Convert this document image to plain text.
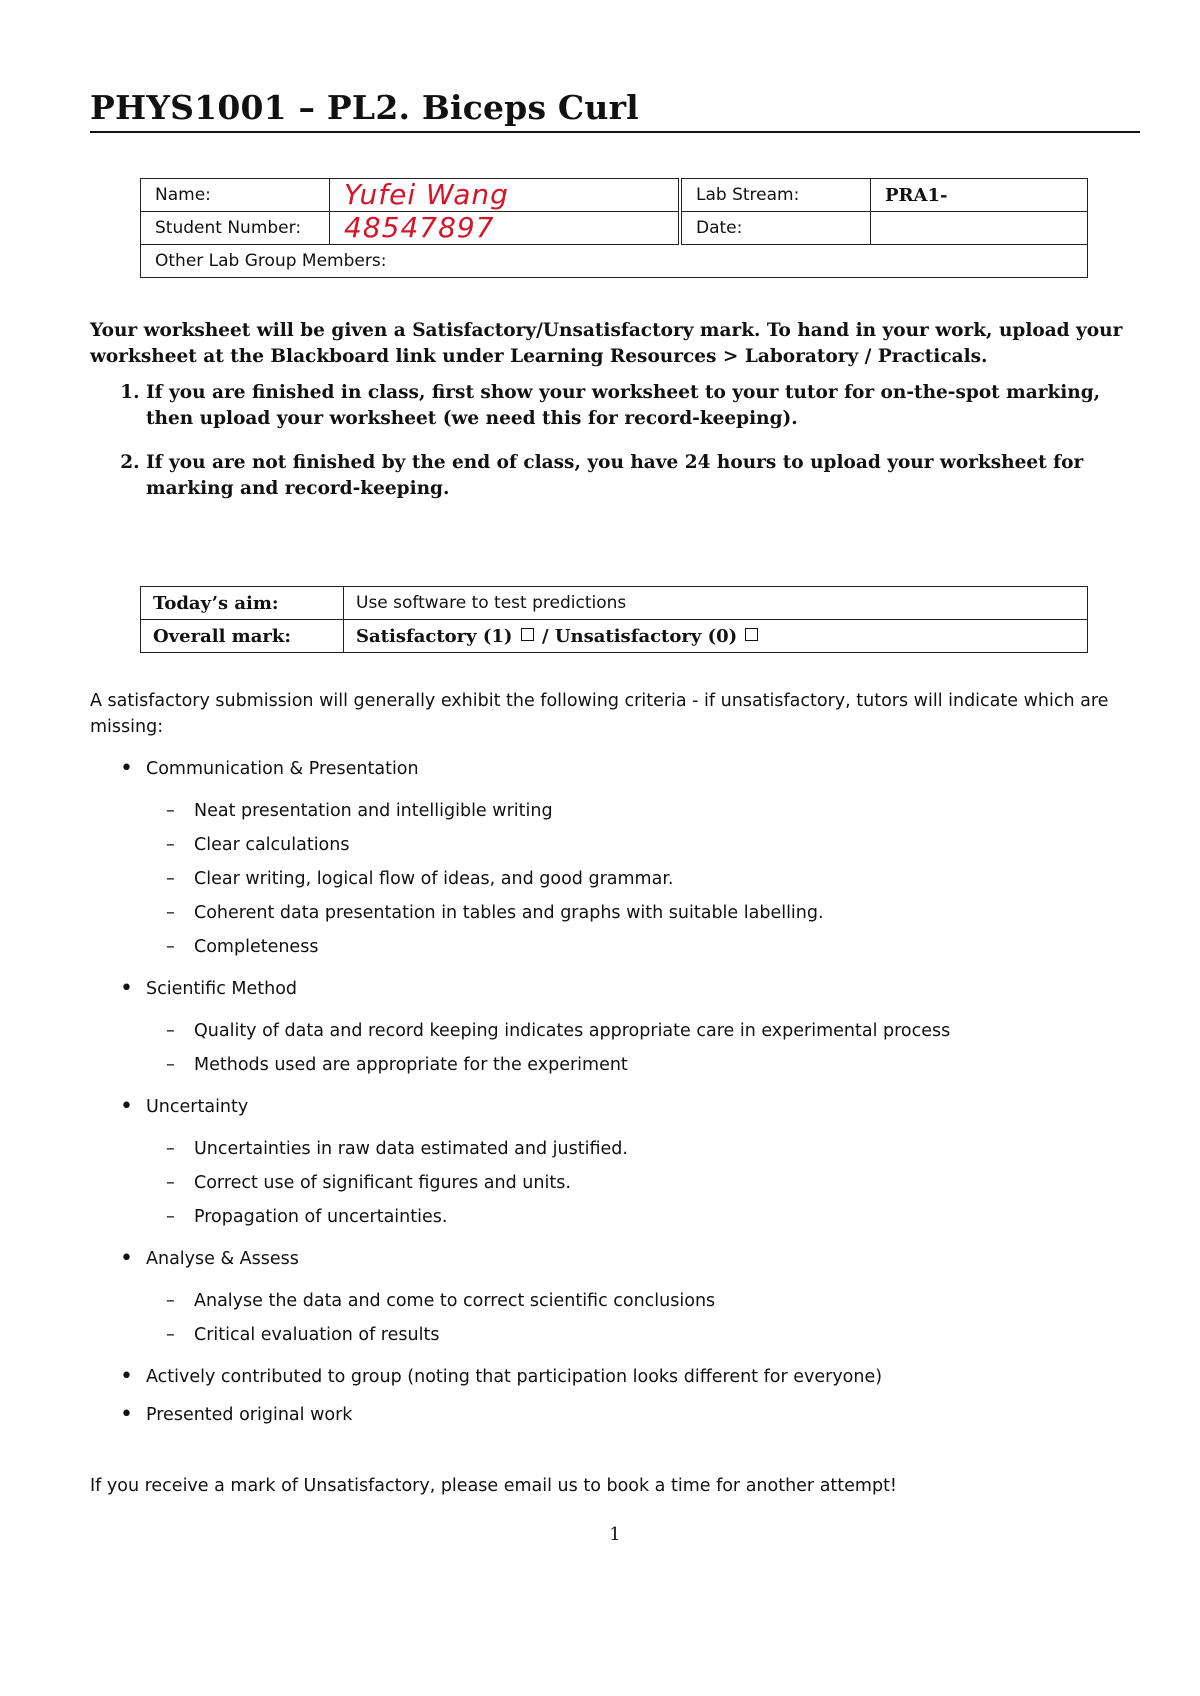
PHYS1001 – PL2. Biceps Curl
Name:	Yufei Wang	Lab Stream:	PRA1-
Student Number:	48547897	Date:	
Other Lab Group Members:			

Your worksheet will be given a Satisfactory/Unsatisfactory mark. To hand in your work, upload your worksheet at the Blackboard link under Learning Resources > Laboratory / Practicals.

1. If you are finished in class, first show your worksheet to your tutor for on-the-spot marking, then upload your worksheet (we need this for record-keeping).
2. If you are not finished by the end of class, you have 24 hours to upload your worksheet for marking and record-keeping.
Today’s aim:	Use software to test predictions
Overall mark:	Satisfactory (1) / Unsatisfactory (0)

A satisfactory submission will generally exhibit the following criteria - if unsatisfactory, tutors will indicate which are missing:

• Communication & Presentation
– Neat presentation and intelligible writing
– Clear calculations
– Clear writing, logical flow of ideas, and good grammar.
– Coherent data presentation in tables and graphs with suitable labelling.
– Completeness
• Scientific Method
– Quality of data and record keeping indicates appropriate care in experimental process
– Methods used are appropriate for the experiment
• Uncertainty
– Uncertainties in raw data estimated and justified.
– Correct use of significant figures and units.
– Propagation of uncertainties.
• Analyse & Assess
– Analyse the data and come to correct scientific conclusions
– Critical evaluation of results
• Actively contributed to group (noting that participation looks different for everyone)
• Presented original work

If you receive a mark of Unsatisfactory, please email us to book a time for another attempt!

1
